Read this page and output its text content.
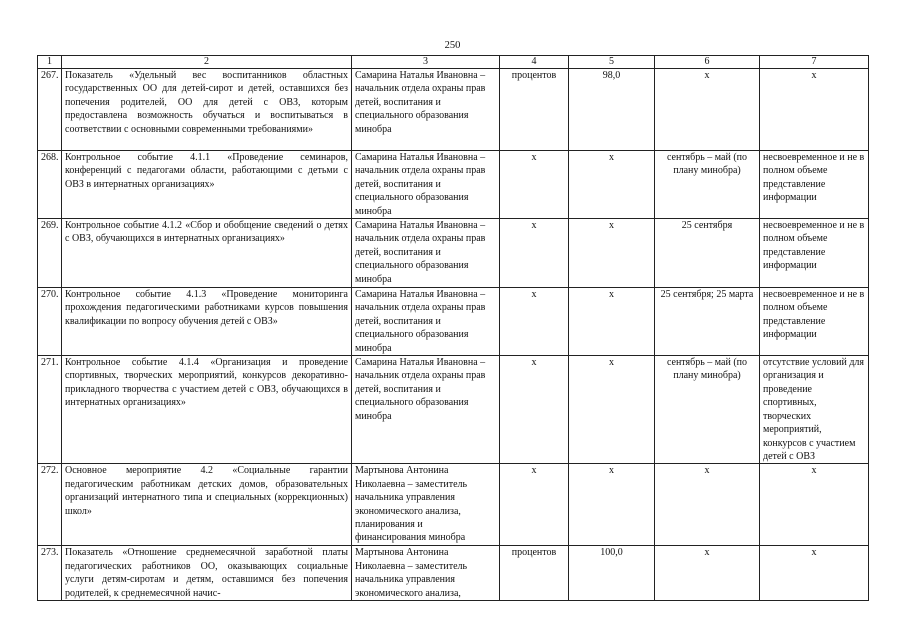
250
1	2	3	4	5	6	7
267.	Показатель «Удельный вес воспитанников областных государственных ОО для детей-сирот и детей, оставшихся без попечения родителей, ОО для детей с ОВЗ, которым предоставлена возможность обучаться и воспитываться в соответствии с основными современными требованиями»	Самарина Наталья Ивановна – начальник отдела охраны прав детей, воспитания и специального образования минобра	процентов	98,0	х	х
268.	Контрольное событие 4.1.1 «Проведение семинаров, конференций с педагогами области, работающими с детьми с ОВЗ в интернатных организациях»	Самарина Наталья Ивановна – начальник отдела охраны прав детей, воспитания и специального образования минобра	х	х	сентябрь – май (по плану минобра)	несвоевременное и не в полном объеме представление информации
269.	Контрольное событие 4.1.2 «Сбор и обобщение сведений о детях с ОВЗ, обучающихся в интернатных организациях»	Самарина Наталья Ивановна – начальник отдела охраны прав детей, воспитания и специального образования минобра	х	х	25 сентября	несвоевременное и не в полном объеме представление информации
270.	Контрольное событие 4.1.3 «Проведение мониторинга прохождения педагогическими работниками курсов повышения квалификации по вопросу обучения детей с ОВЗ»	Самарина Наталья Ивановна – начальник отдела охраны прав детей, воспитания и специального образования минобра	х	х	25 сентября; 25 марта	несвоевременное и не в полном объеме представление информации
271.	Контрольное событие 4.1.4 «Организация и проведение спортивных, творческих мероприятий, конкурсов декоративно-прикладного творчества с участием детей с ОВЗ, обучающихся в интернатных организациях»	Самарина Наталья Ивановна – начальник отдела охраны прав детей, воспитания и специального образования минобра	х	х	сентябрь – май (по плану минобра)	отсутствие условий для организация и проведение спортивных, творческих мероприятий, конкурсов с участием детей с ОВЗ
272.	Основное мероприятие 4.2 «Социальные гарантии педагогическим работникам детских домов, образовательных организаций интернатного типа и специальных (коррекционных) школ»	Мартынова Антонина Николаевна – заместитель начальника управления экономического анализа, планирования и финансирования минобра	х	х	х	х
273.	Показатель «Отношение среднемесячной заработной платы педагогических работников ОО, оказывающих социальные услуги детям-сиротам и детям, оставшимся без попечения родителей, к среднемесячной начис-	Мартынова Антонина Николаевна – заместитель начальника управления экономического анализа,	процентов	100,0	х	х
